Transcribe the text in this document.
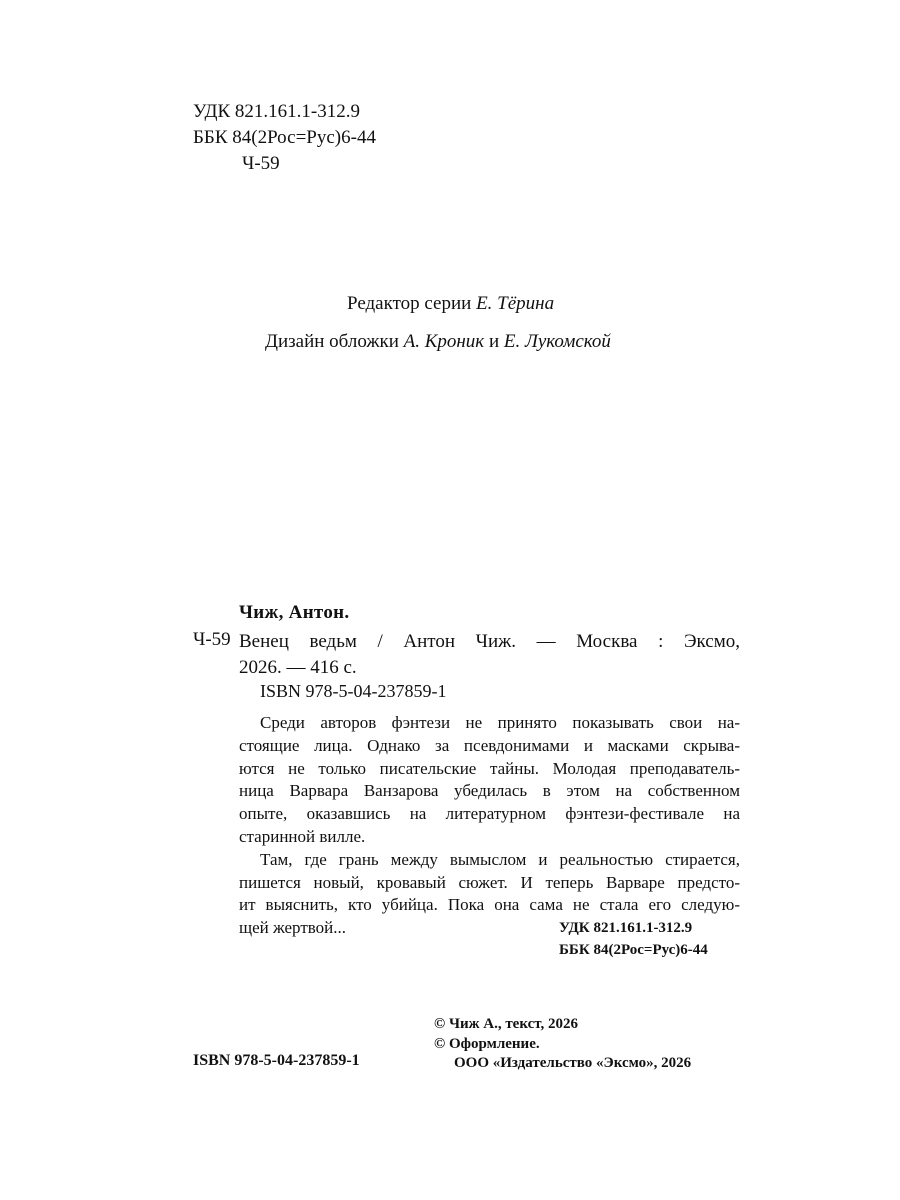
УДК 821.161.1-312.9
ББК 84(2Рос=Рус)6-44
Ч-59
Редактор серии Е. Тёрина
Дизайн обложки А. Кроник и Е. Лукомской
Чиж, Антон.
Ч-59 Венец ведьм / Антон Чиж. — Москва : Эксмо,
2026. — 416 с.
ISBN 978-5-04-237859-1

Среди авторов фэнтези не принято показывать свои на-
стоящие лица. Однако за псевдонимами и масками скрыва-
ются не только писательские тайны. Молодая преподаватель-
ница Варвара Ванзарова убедилась в этом на собственном
опыте, оказавшись на литературном фэнтези-фестивале на
старинной вилле.

Там, где грань между вымыслом и реальностью стирается,
пишется новый, кровавый сюжет. И теперь Варваре предсто-
ит выяснить, кто убийца. Пока она сама не стала его следую-
щей жертвой...	УДК 821.161.1-312.9
ББК 84(2Рос=Рус)6-44
© Чиж А., текст, 2026
© Оформление.
ООО «Издательство «Эксмо», 2026
ISBN 978-5-04-237859-1
